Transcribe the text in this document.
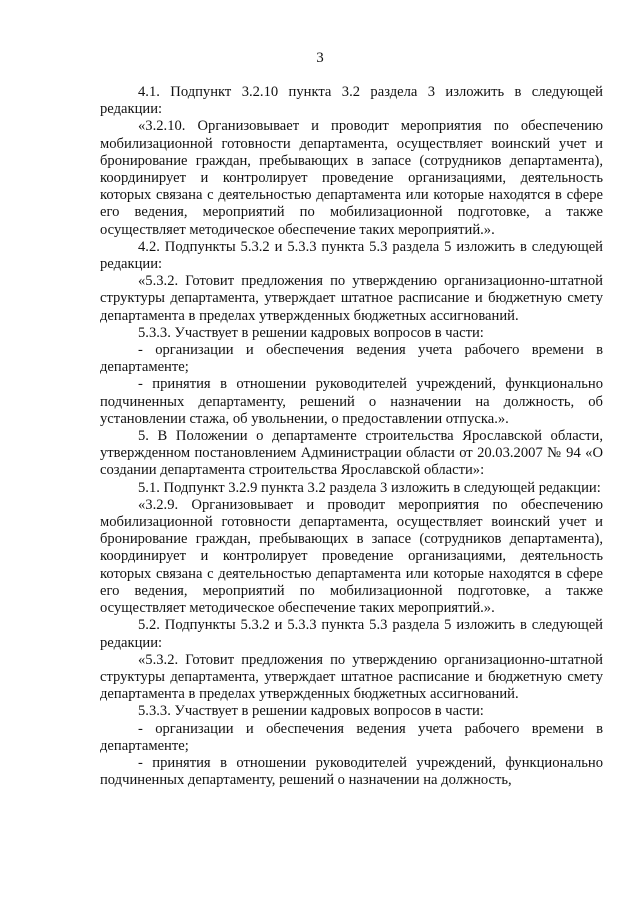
3

4.1. Подпункт 3.2.10 пункта 3.2 раздела 3 изложить в следующей редакции:

«3.2.10. Организовывает и проводит мероприятия по обеспечению мобилизационной готовности департамента, осуществляет воинский учет и бронирование граждан, пребывающих в запасе (сотрудников департамента), координирует и контролирует проведение организациями, деятельность которых связана с деятельностью департамента или которые находятся в сфере его ведения, мероприятий по мобилизационной подготовке, а также осуществляет методическое обеспечение таких мероприятий.».

4.2. Подпункты 5.3.2 и 5.3.3 пункта 5.3 раздела 5 изложить в следующей редакции:

«5.3.2. Готовит предложения по утверждению организационно-штатной структуры департамента, утверждает штатное расписание и бюджетную смету департамента в пределах утвержденных бюджетных ассигнований.

5.3.3. Участвует в решении кадровых вопросов в части:

- организации и обеспечения ведения учета рабочего времени в департаменте;

- принятия в отношении руководителей учреждений, функционально подчиненных департаменту, решений о назначении на должность, об установлении стажа, об увольнении, о предоставлении отпуска.».

5. В Положении о департаменте строительства Ярославской области, утвержденном постановлением Администрации области от 20.03.2007 № 94 «О создании департамента строительства Ярославской области»:

5.1. Подпункт 3.2.9 пункта 3.2 раздела 3 изложить в следующей редакции:

«3.2.9. Организовывает и проводит мероприятия по обеспечению мобилизационной готовности департамента, осуществляет воинский учет и бронирование граждан, пребывающих в запасе (сотрудников департамента), координирует и контролирует проведение организациями, деятельность которых связана с деятельностью департамента или которые находятся в сфере его ведения, мероприятий по мобилизационной подготовке, а также осуществляет методическое обеспечение таких мероприятий.».

5.2. Подпункты 5.3.2 и 5.3.3 пункта 5.3 раздела 5 изложить в следующей редакции:

«5.3.2. Готовит предложения по утверждению организационно-штатной структуры департамента, утверждает штатное расписание и бюджетную смету департамента в пределах утвержденных бюджетных ассигнований.

5.3.3. Участвует в решении кадровых вопросов в части:

- организации и обеспечения ведения учета рабочего времени в департаменте;

- принятия в отношении руководителей учреждений, функционально подчиненных департаменту, решений о назначении на должность,
